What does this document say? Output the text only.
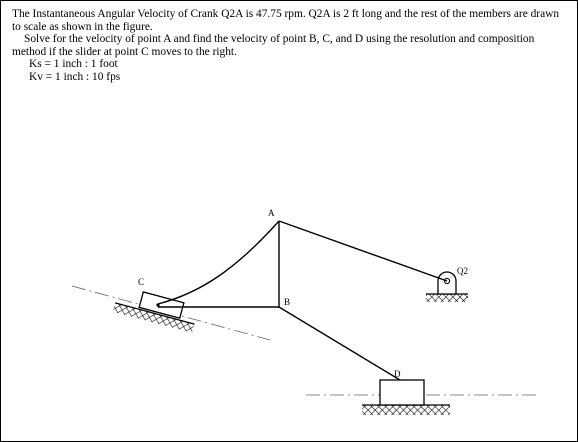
The Instantaneous Angular Velocity of Crank Q2A is 47.75 rpm. Q2A is 2 ft long and the rest of the members are drawn to scale as shown in the figure.

Solve for the velocity of point A and find the velocity of point B, C, and D using the resolution and composition method if the slider at point C moves to the right.

Ks = 1 inch : 1 foot

Kv = 1 inch : 10 fps

A
B
C
D
Q2
